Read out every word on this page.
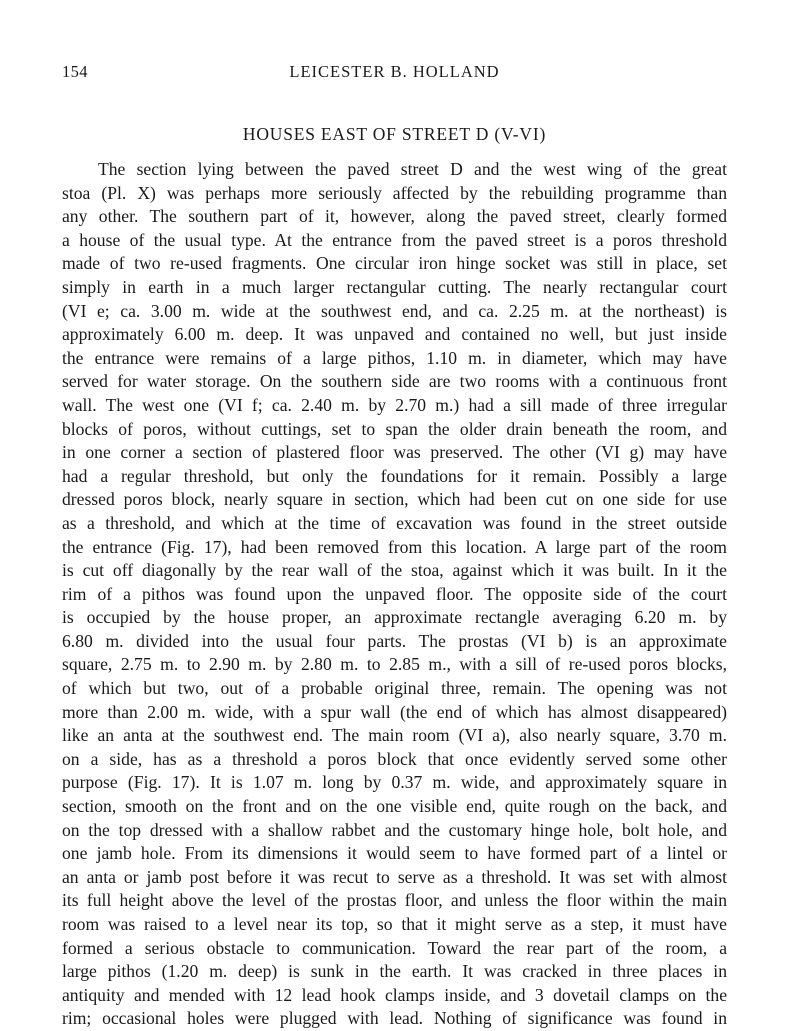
154	LEICESTER B. HOLLAND
HOUSES EAST OF STREET D (V-VI)
The section lying between the paved street D and the west wing of the great
stoa (Pl. X) was perhaps more seriously affected by the rebuilding programme than
any other. The southern part of it, however, along the paved street, clearly formed
a house of the usual type. At the entrance from the paved street is a poros threshold
made of two re-used fragments. One circular iron hinge socket was still in place, set
simply in earth in a much larger rectangular cutting. The nearly rectangular court
(VI e; ca. 3.00 m. wide at the southwest end, and ca. 2.25 m. at the northeast) is
approximately 6.00 m. deep. It was unpaved and contained no well, but just inside
the entrance were remains of a large pithos, 1.10 m. in diameter, which may have
served for water storage. On the southern side are two rooms with a continuous front
wall. The west one (VI f; ca. 2.40 m. by 2.70 m.) had a sill made of three irregular
blocks of poros, without cuttings, set to span the older drain beneath the room, and
in one corner a section of plastered floor was preserved. The other (VI g) may have
had a regular threshold, but only the foundations for it remain. Possibly a large
dressed poros block, nearly square in section, which had been cut on one side for use
as a threshold, and which at the time of excavation was found in the street outside
the entrance (Fig. 17), had been removed from this location. A large part of the room
is cut off diagonally by the rear wall of the stoa, against which it was built. In it the
rim of a pithos was found upon the unpaved floor. The opposite side of the court
is occupied by the house proper, an approximate rectangle averaging 6.20 m. by
6.80 m. divided into the usual four parts. The prostas (VI b) is an approximate
square, 2.75 m. to 2.90 m. by 2.80 m. to 2.85 m., with a sill of re-used poros blocks,
of which but two, out of a probable original three, remain. The opening was not
more than 2.00 m. wide, with a spur wall (the end of which has almost disappeared)
like an anta at the southwest end. The main room (VI a), also nearly square, 3.70 m.
on a side, has as a threshold a poros block that once evidently served some other
purpose (Fig. 17). It is 1.07 m. long by 0.37 m. wide, and approximately square in
section, smooth on the front and on the one visible end, quite rough on the back, and
on the top dressed with a shallow rabbet and the customary hinge hole, bolt hole, and
one jamb hole. From its dimensions it would seem to have formed part of a lintel or
an anta or jamb post before it was recut to serve as a threshold. It was set with almost
its full height above the level of the prostas floor, and unless the floor within the main
room was raised to a level near its top, so that it might serve as a step, it must have
formed a serious obstacle to communication. Toward the rear part of the room, a
large pithos (1.20 m. deep) is sunk in the earth. It was cracked in three places in
antiquity and mended with 12 lead hook clamps inside, and 3 dovetail clamps on the
rim; occasional holes were plugged with lead. Nothing of significance was found in
